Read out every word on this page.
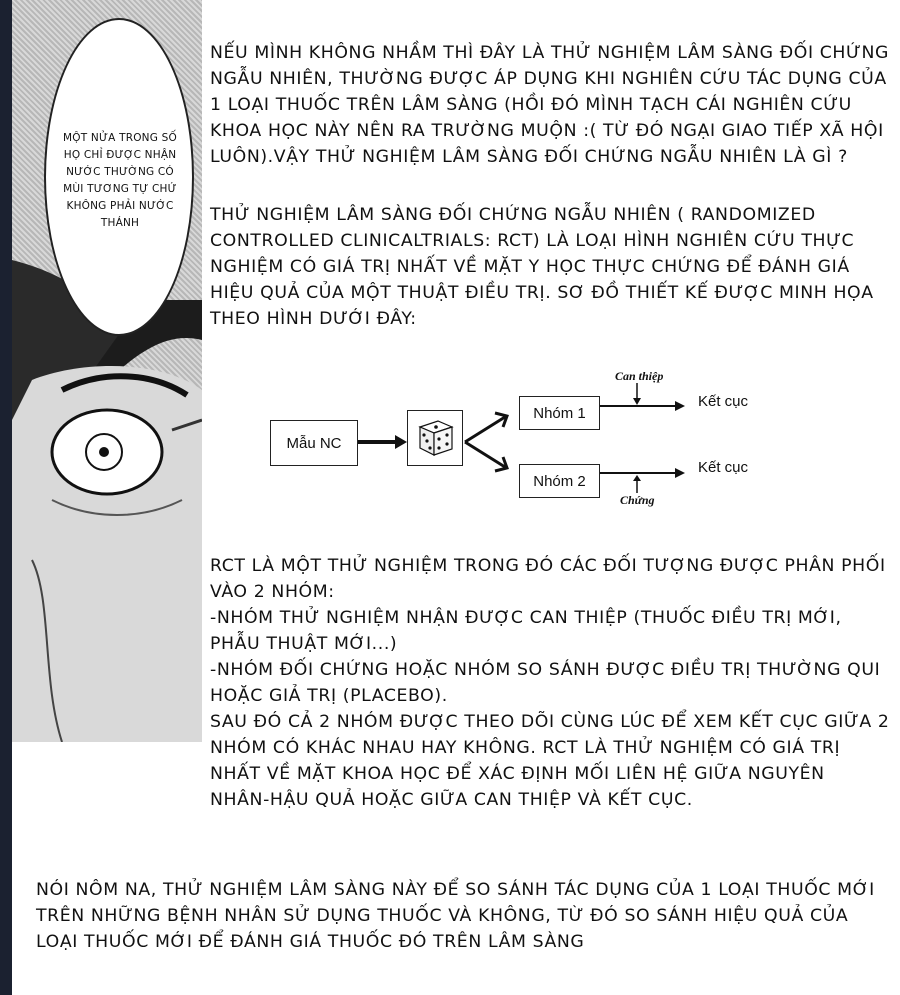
MỘT NỬA TRONG SỐ HỌ CHỈ ĐƯỢC NHẬN NƯỚC THƯỜNG CÓ MÙI TƯƠNG TỰ CHỨ KHÔNG PHẢI NƯỚC THÁNH
NẾU MÌNH KHÔNG NHẦM THÌ ĐÂY LÀ THỬ NGHIỆM LÂM SÀNG ĐỐI CHỨNG NGẪU NHIÊN, THƯỜNG ĐƯỢC ÁP DỤNG KHI NGHIÊN CỨU TÁC DỤNG CỦA 1 LOẠI THUỐC TRÊN LÂM SÀNG (HỒI ĐÓ MÌNH TẠCH CÁI NGHIÊN CỨU KHOA HỌC NÀY NÊN RA TRƯỜNG MUỘN :( TỪ ĐÓ NGẠI GIAO TIẾP XÃ HỘI LUÔN).VẬY THỬ NGHIỆM LÂM SÀNG ĐỐI CHỨNG NGẪU NHIÊN LÀ GÌ ?
THỬ NGHIỆM LÂM SÀNG ĐỐI CHỨNG NGẪU NHIÊN ( RANDOMIZED CONTROLLED CLINICALTRIALS: RCT) LÀ LOẠI HÌNH NGHIÊN CỨU THỰC NGHIỆM CÓ GIÁ TRỊ NHẤT VỀ MẶT Y HỌC THỰC CHỨNG ĐỂ ĐÁNH GIÁ HIỆU QUẢ CỦA MỘT THUẬT ĐIỀU TRỊ. SƠ ĐỒ THIẾT KẾ ĐƯỢC MINH HỌA THEO HÌNH DƯỚI ĐÂY:
Mẫu NC
Nhóm 1
Nhóm 2
Can thiệp
Chứng
Kết cục
Kết cục
RCT LÀ MỘT THỬ NGHIỆM TRONG ĐÓ CÁC ĐỐI TƯỢNG ĐƯỢC PHÂN PHỐI VÀO 2 NHÓM:
-NHÓM THỬ NGHIỆM NHẬN ĐƯỢC CAN THIỆP (THUỐC ĐIỀU TRỊ MỚI, PHẪU THUẬT MỚI...)
-NHÓM ĐỐI CHỨNG HOẶC NHÓM SO SÁNH ĐƯỢC ĐIỀU TRỊ THƯỜNG QUI HOẶC GIẢ TRỊ (PLACEBO).
SAU ĐÓ CẢ 2 NHÓM ĐƯỢC THEO DÕI CÙNG LÚC ĐỂ XEM KẾT CỤC GIỮA 2 NHÓM CÓ KHÁC NHAU HAY KHÔNG. RCT LÀ THỬ NGHIỆM CÓ GIÁ TRỊ NHẤT VỀ MẶT KHOA HỌC ĐỂ XÁC ĐỊNH MỐI LIÊN HỆ GIỮA NGUYÊN NHÂN-HẬU QUẢ HOẶC GIỮA CAN THIỆP VÀ KẾT CỤC.
NÓI NÔM NA, THỬ NGHIỆM LÂM SÀNG NÀY ĐỂ SO SÁNH TÁC DỤNG CỦA 1 LOẠI THUỐC MỚI TRÊN NHỮNG BỆNH NHÂN SỬ DỤNG THUỐC VÀ KHÔNG, TỪ ĐÓ SO SÁNH HIỆU QUẢ CỦA LOẠI THUỐC MỚI ĐỂ ĐÁNH GIÁ THUỐC ĐÓ TRÊN LÂM SÀNG
